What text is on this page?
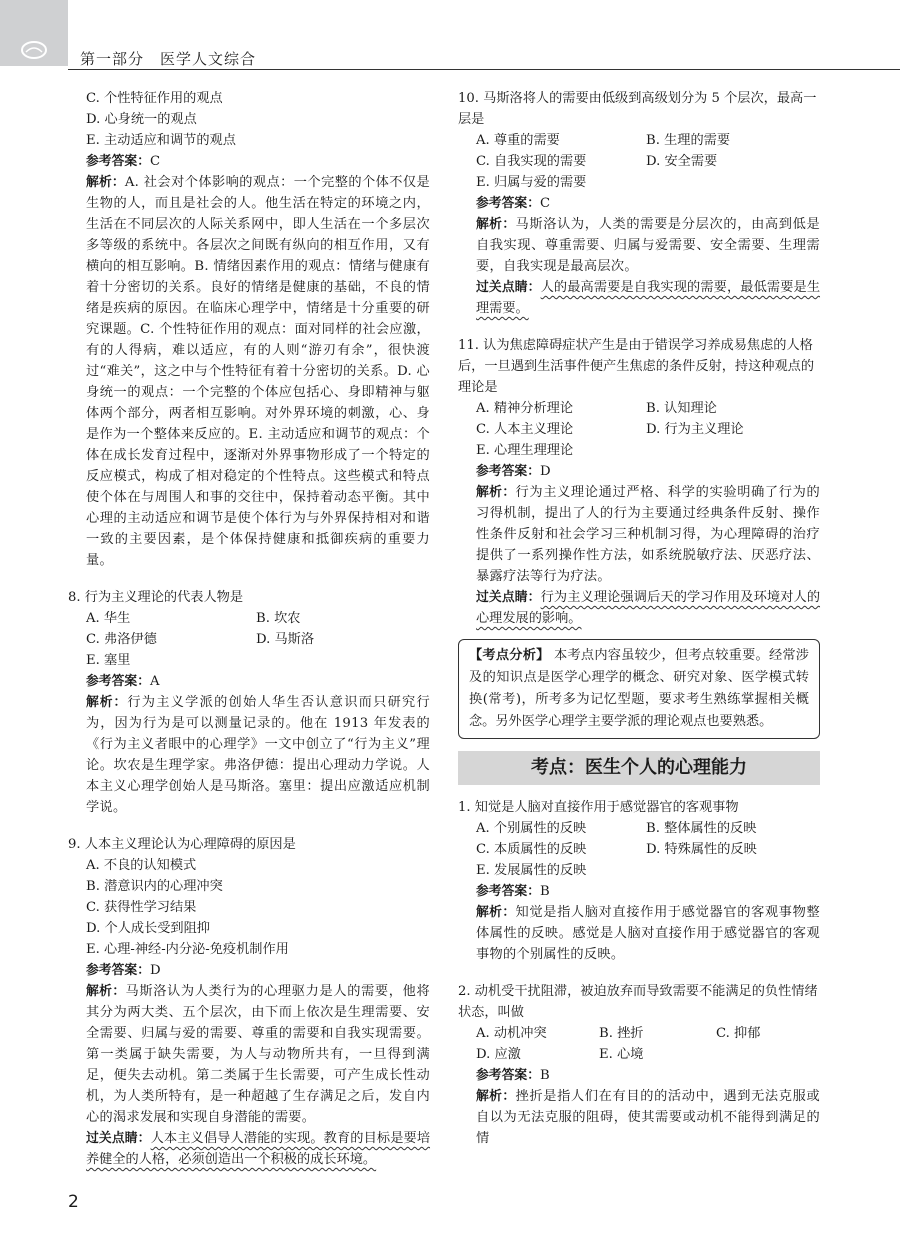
第一部分　医学人文综合
C. 个性特征作用的观点
D. 心身统一的观点
E. 主动适应和调节的观点
参考答案：C
解析：A. 社会对个体影响的观点：一个完整的个体不仅是生物的人，而且是社会的人。他生活在特定的环境之内，生活在不同层次的人际关系网中，即人生活在一个多层次多等级的系统中。各层次之间既有纵向的相互作用，又有横向的相互影响。B. 情绪因素作用的观点：情绪与健康有着十分密切的关系。良好的情绪是健康的基础，不良的情绪是疾病的原因。在临床心理学中，情绪是十分重要的研究课题。C. 个性特征作用的观点：面对同样的社会应激，有的人得病，难以适应，有的人则“游刃有余”，很快渡过“难关”，这之中与个性特征有着十分密切的关系。D. 心身统一的观点：一个完整的个体应包括心、身即精神与躯体两个部分，两者相互影响。对外界环境的刺激，心、身是作为一个整体来反应的。E. 主动适应和调节的观点：个体在成长发育过程中，逐渐对外界事物形成了一个特定的反应模式，构成了相对稳定的个性特点。这些模式和特点使个体在与周围人和事的交往中，保持着动态平衡。其中心理的主动适应和调节是使个体行为与外界保持相对和谐一致的主要因素，是个体保持健康和抵御疾病的重要力量。
8. 行为主义理论的代表人物是
A. 华生	B. 坎农
C. 弗洛伊德	D. 马斯洛
E. 塞里
参考答案：A
解析：行为主义学派的创始人华生否认意识而只研究行为，因为行为是可以测量记录的。他在 1913 年发表的《行为主义者眼中的心理学》一文中创立了“行为主义”理论。坎农是生理学家。弗洛伊德：提出心理动力学说。人本主义心理学创始人是马斯洛。塞里：提出应激适应机制学说。
9. 人本主义理论认为心理障碍的原因是
A. 不良的认知模式
B. 潜意识内的心理冲突
C. 获得性学习结果
D. 个人成长受到阻抑
E. 心理-神经-内分泌-免疫机制作用
参考答案：D
解析：马斯洛认为人类行为的心理驱力是人的需要，他将其分为两大类、五个层次，由下而上依次是生理需要、安全需要、归属与爱的需要、尊重的需要和自我实现需要。第一类属于缺失需要，为人与动物所共有，一旦得到满足，便失去动机。第二类属于生长需要，可产生成长性动机，为人类所特有，是一种超越了生存满足之后，发自内心的渴求发展和实现自身潜能的需要。
过关点睛：人本主义倡导人潜能的实现。教育的目标是要培养健全的人格，必须创造出一个积极的成长环境。
10. 马斯洛将人的需要由低级到高级划分为 5 个层次，最高一层是
A. 尊重的需要	B. 生理的需要
C. 自我实现的需要	D. 安全需要
E. 归属与爱的需要
参考答案：C
解析：马斯洛认为，人类的需要是分层次的，由高到低是自我实现、尊重需要、归属与爱需要、安全需要、生理需要，自我实现是最高层次。
过关点睛：人的最高需要是自我实现的需要，最低需要是生理需要。
11. 认为焦虑障碍症状产生是由于错误学习养成易焦虑的人格后，一旦遇到生活事件便产生焦虑的条件反射，持这种观点的理论是
A. 精神分析理论	B. 认知理论
C. 人本主义理论	D. 行为主义理论
E. 心理生理理论
参考答案：D
解析：行为主义理论通过严格、科学的实验明确了行为的习得机制，提出了人的行为主要通过经典条件反射、操作性条件反射和社会学习三种机制习得，为心理障碍的治疗提供了一系列操作性方法，如系统脱敏疗法、厌恶疗法、暴露疗法等行为疗法。
过关点睛：行为主义理论强调后天的学习作用及环境对人的心理发展的影响。
【考点分析】 本考点内容虽较少，但考点较重要。经常涉及的知识点是医学心理学的概念、研究对象、医学模式转换(常考)，所考多为记忆型题，要求考生熟练掌握相关概念。另外医学心理学主要学派的理论观点也要熟悉。
考点：医生个人的心理能力
1. 知觉是人脑对直接作用于感觉器官的客观事物
A. 个别属性的反映	B. 整体属性的反映
C. 本质属性的反映	D. 特殊属性的反映
E. 发展属性的反映
参考答案：B
解析：知觉是指人脑对直接作用于感觉器官的客观事物整体属性的反映。感觉是人脑对直接作用于感觉器官的客观事物的个别属性的反映。
2. 动机受干扰阻滞，被迫放弃而导致需要不能满足的负性情绪状态，叫做
A. 动机冲突	B. 挫折	C. 抑郁
D. 应激	E. 心境
参考答案：B
解析：挫折是指人们在有目的的活动中，遇到无法克服或自以为无法克服的阻碍，使其需要或动机不能得到满足的情
2
